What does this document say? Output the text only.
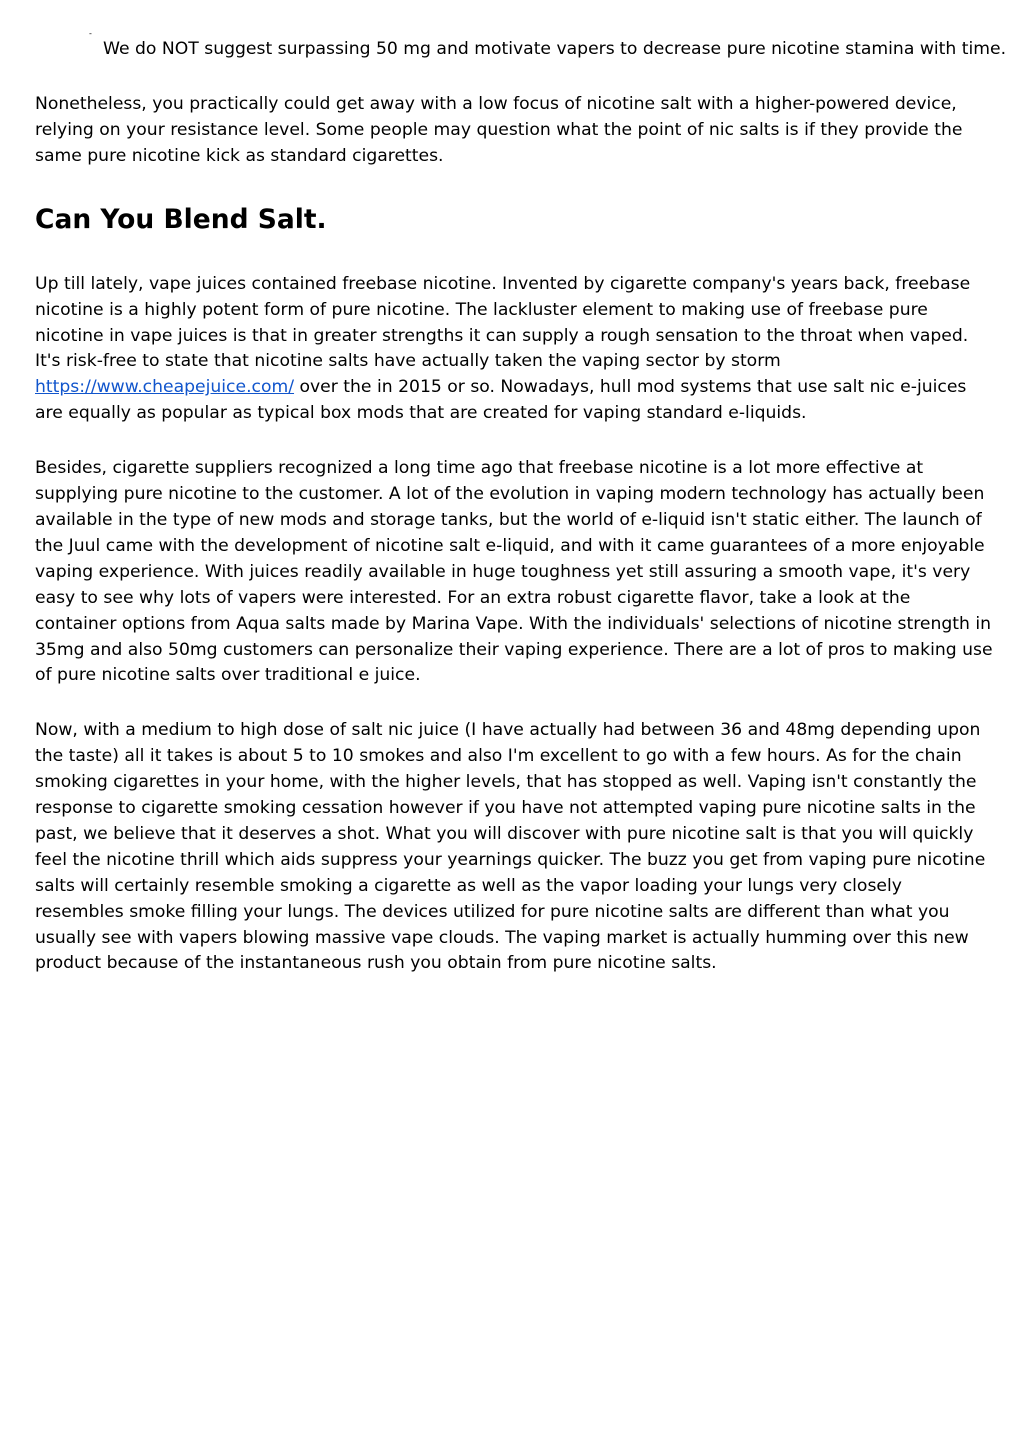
-
We do NOT suggest surpassing 50 mg and motivate vapers to decrease pure nicotine stamina with time.

Nonetheless, you practically could get away with a low focus of nicotine salt with a higher-powered device, relying on your resistance level. Some people may question what the point of nic salts is if they provide the same pure nicotine kick as standard cigarettes.

Can You Blend Salt.

Up till lately, vape juices contained freebase nicotine. Invented by cigarette company's years back, freebase nicotine is a highly potent form of pure nicotine. The lackluster element to making use of freebase pure nicotine in vape juices is that in greater strengths it can supply a rough sensation to the throat when vaped. It's risk-free to state that nicotine salts have actually taken the vaping sector by storm https://www.cheapejuice.com/ over the in 2015 or so. Nowadays, hull mod systems that use salt nic e-juices are equally as popular as typical box mods that are created for vaping standard e-liquids.

Besides, cigarette suppliers recognized a long time ago that freebase nicotine is a lot more effective at supplying pure nicotine to the customer. A lot of the evolution in vaping modern technology has actually been available in the type of new mods and storage tanks, but the world of e-liquid isn't static either. The launch of the Juul came with the development of nicotine salt e-liquid, and with it came guarantees of a more enjoyable vaping experience. With juices readily available in huge toughness yet still assuring a smooth vape, it's very easy to see why lots of vapers were interested. For an extra robust cigarette flavor, take a look at the container options from Aqua salts made by Marina Vape. With the individuals' selections of nicotine strength in 35mg and also 50mg customers can personalize their vaping experience. There are a lot of pros to making use of pure nicotine salts over traditional e juice.

Now, with a medium to high dose of salt nic juice (I have actually had between 36 and 48mg depending upon the taste) all it takes is about 5 to 10 smokes and also I'm excellent to go with a few hours. As for the chain smoking cigarettes in your home, with the higher levels, that has stopped as well. Vaping isn't constantly the response to cigarette smoking cessation however if you have not attempted vaping pure nicotine salts in the past, we believe that it deserves a shot. What you will discover with pure nicotine salt is that you will quickly feel the nicotine thrill which aids suppress your yearnings quicker. The buzz you get from vaping pure nicotine salts will certainly resemble smoking a cigarette as well as the vapor loading your lungs very closely resembles smoke filling your lungs. The devices utilized for pure nicotine salts are different than what you usually see with vapers blowing massive vape clouds. The vaping market is actually humming over this new product because of the instantaneous rush you obtain from pure nicotine salts.
